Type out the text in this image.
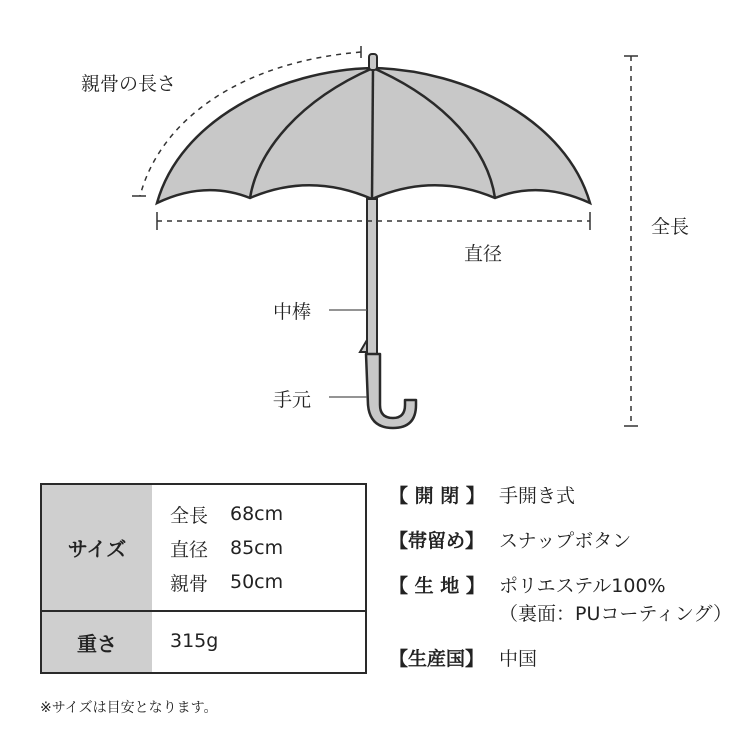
親骨の長さ
全長
直径
中棒
手元
サイズ
全長	68cm
直径	85cm
親骨	50cm
重さ	315g
【 開 閉 】 手開き式
【帯留め】 スナップボタン
【 生 地 】 ポリエステル100%
（裏面：PUコーティング）
【生産国】 中国
※サイズは目安となります。
